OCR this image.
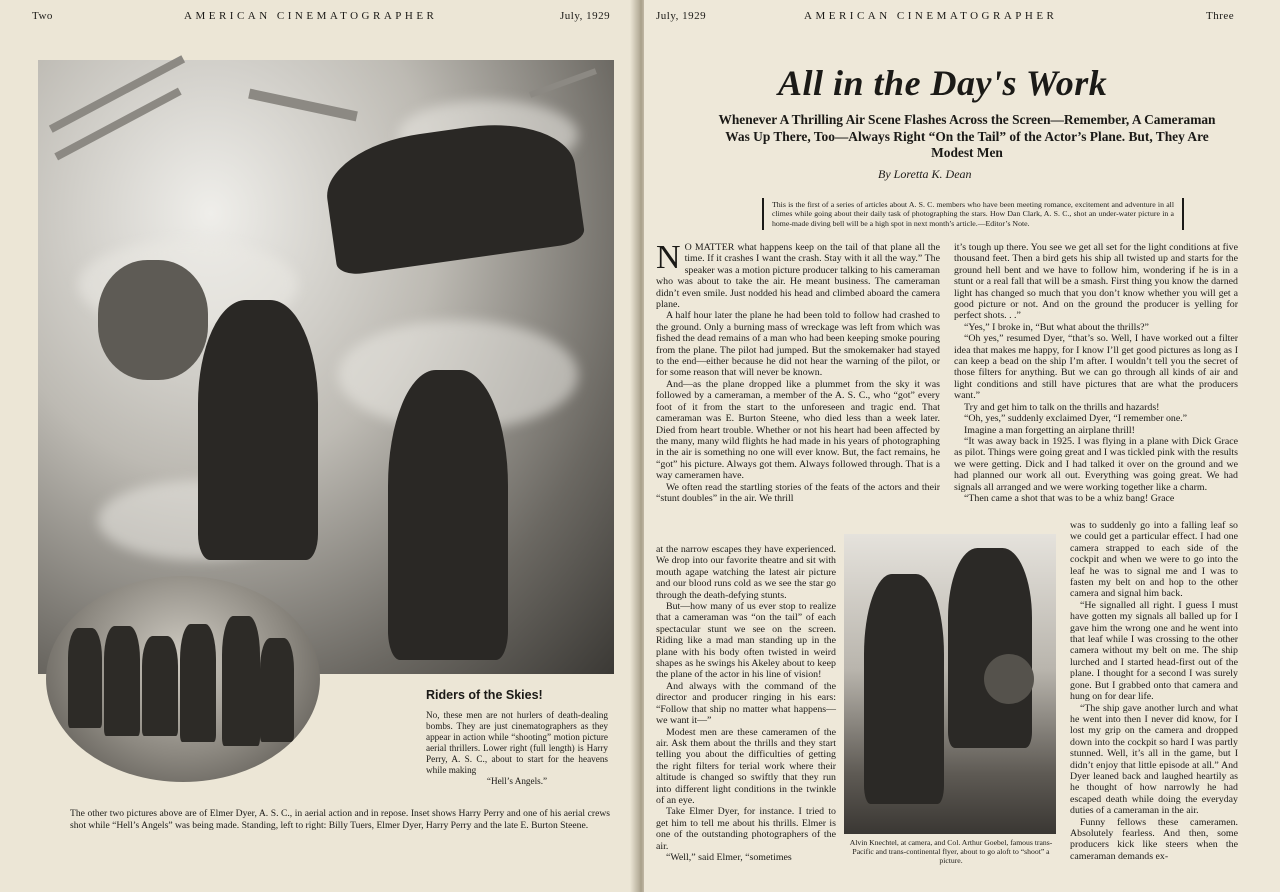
Two	AMERICAN CINEMATOGRAPHER	July, 1929
Riders of the Skies!

No, these men are not hurlers of death-dealing bombs. They are just cinematographers as they appear in action while “shooting” motion picture aerial thrillers. Lower right (full length) is Harry Perry, A. S. C., about to start for the heavens while making

“Hell’s Angels.”

The other two pictures above are of Elmer Dyer, A. S. C., in aerial action and in repose. Inset shows Harry Perry and one of his aerial crews shot while “Hell’s Angels” was being made. Standing, left to right: Billy Tuers, Elmer Dyer, Harry Perry and the late E. Burton Steene.
July, 1929	AMERICAN CINEMATOGRAPHER	Three
All in the Day's Work
Whenever A Thrilling Air Scene Flashes Across the Screen—Remember, A Cameraman Was Up There, Too—Always Right “On the Tail” of the Actor’s Plane. But, They Are Modest Men
By Loretta K. Dean
This is the first of a series of articles about A. S. C. members who have been meeting romance, excitement and adventure in all climes while going about their daily task of photographing the stars. How Dan Clark, A. S. C., shot an under-water picture in a home-made diving bell will be a high spot in next month’s article.—Editor’s Note.

N O MATTER what happens keep on the tail of that plane all the time. If it crashes I want the crash. Stay with it all the way.” The speaker was a motion picture producer talking to his cameraman who was about to take the air. He meant business. The cameraman didn’t even smile. Just nodded his head and climbed aboard the camera plane.

A half hour later the plane he had been told to follow had crashed to the ground. Only a burning mass of wreckage was left from which was fished the dead remains of a man who had been keeping smoke pouring from the plane. The pilot had jumped. But the smokemaker had stayed to the end—either because he did not hear the warning of the pilot, or for some reason that will never be known.

And—as the plane dropped like a plummet from the sky it was followed by a cameraman, a member of the A. S. C., who “got” every foot of it from the start to the unforeseen and tragic end. That cameraman was E. Burton Steene, who died less than a week later. Died from heart trouble. Whether or not his heart had been affected by the many, many wild flights he had made in his years of photographing in the air is something no one will ever know. But, the fact remains, he “got” his picture. Always got them. Always followed through. That is a way cameramen have.

We often read the startling stories of the feats of the actors and their “stunt doubles” in the air. We thrill

at the narrow escapes they have experienced. We drop into our favorite theatre and sit with mouth agape watching the latest air picture and our blood runs cold as we see the star go through the death-defying stunts.

But—how many of us ever stop to realize that a cameraman was “on the tail” of each spectacular stunt we see on the screen. Riding like a mad man standing up in the plane with his body often twisted in weird shapes as he swings his Akeley about to keep the plane of the actor in his line of vision!

And always with the command of the director and producer ringing in his ears: “Follow that ship no matter what happens—we want it—”

Modest men are these cameramen of the air. Ask them about the thrills and they start telling you about the difficulties of getting the right filters for terial work where their altitude is changed so swiftly that they run into different light conditions in the twinkle of an eye.

Take Elmer Dyer, for instance. I tried to get him to tell me about his thrills. Elmer is one of the outstanding photographers of the air.

“Well,” said Elmer, “sometimes

it’s tough up there. You see we get all set for the light conditions at five thousand feet. Then a bird gets his ship all twisted up and starts for the ground hell bent and we have to follow him, wondering if he is in a stunt or a real fall that will be a smash. First thing you know the darned light has changed so much that you don’t know whether you will get a good picture or not. And on the ground the producer is yelling for perfect shots. . .”

“Yes,” I broke in, “But what about the thrills?”

“Oh yes,” resumed Dyer, “that’s so. Well, I have worked out a filter idea that makes me happy, for I know I’ll get good pictures as long as I can keep a bead on the ship I’m after. I wouldn’t tell you the secret of those filters for anything. But we can go through all kinds of air and light conditions and still have pictures that are what the producers want.”

Try and get him to talk on the thrills and hazards!

“Oh, yes,” suddenly exclaimed Dyer, “I remember one.”

Imagine a man forgetting an airplane thrill!

“It was away back in 1925. I was flying in a plane with Dick Grace as pilot. Things were going great and I was tickled pink with the results we were getting. Dick and I had talked it over on the ground and we had planned our work all out. Everything was going great. We had signals all arranged and we were working together like a charm.

“Then came a shot that was to be a whiz bang! Grace

was to suddenly go into a falling leaf so we could get a particular effect. I had one camera strapped to each side of the cockpit and when we were to go into the leaf he was to signal me and I was to fasten my belt on and hop to the other camera and signal him back.

“He signalled all right. I guess I must have gotten my signals all balled up for I gave him the wrong one and he went into that leaf while I was crossing to the other camera without my belt on me. The ship lurched and I started head-first out of the plane. I thought for a second I was surely gone. But I grabbed onto that camera and hung on for dear life.

“The ship gave another lurch and what he went into then I never did know, for I lost my grip on the camera and dropped down into the cockpit so hard I was partly stunned. Well, it’s all in the game, but I didn’t enjoy that little episode at all.” And Dyer leaned back and laughed heartily as he thought of how narrowly he had escaped death while doing the everyday duties of a cameraman in the air.

Funny fellows these cameramen. Absolutely fearless. And then, some producers kick like steers when the cameraman demands ex-

Alvin Knechtel, at camera, and Col. Arthur Goebel, famous trans-Pacific and trans-continental flyer, about to go aloft to “shoot” a picture.
